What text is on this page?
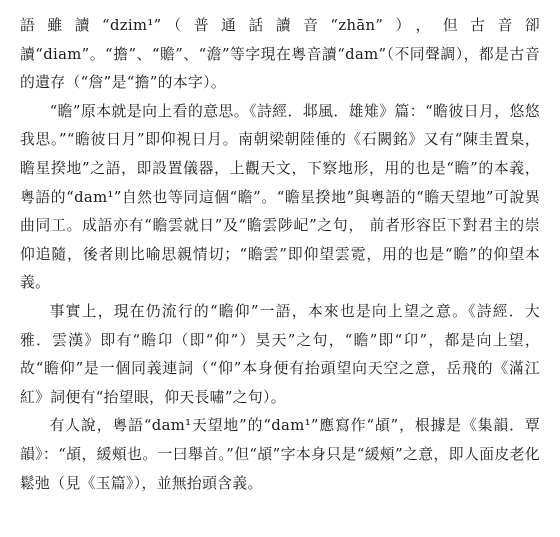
語雖讀“dzim¹”（普通話讀音“zhān”），但古音卻讀“diam”。“擔”、“贍”、“澹”等字現在粵音讀“dam”（不同聲調），都是古音的遺存（“詹”是“擔”的本字）。

“瞻”原本就是向上看的意思。《詩經．邶風．雄雉》篇：“瞻彼日月，悠悠我思。”“瞻彼日月”即仰視日月。南朝梁朝陸倕的《石闕銘》又有“陳圭置臬，瞻星揆地”之語，即設置儀器，上觀天文，下察地形，用的也是“瞻”的本義，粵語的“dam¹”自然也等同這個“瞻”。“瞻星揆地”與粵語的“瞻天望地”可說異曲同工。成語亦有“瞻雲就日”及“瞻雲陟屺”之句， 前者形容臣下對君主的崇仰追隨，後者則比喻思親情切；“瞻雲”即仰望雲霓，用的也是“瞻”的仰望本義。

事實上，現在仍流行的“瞻仰”一語，本來也是向上望之意。《詩經．大雅．雲漢》即有“瞻卬（即“仰”）昊天”之句，“瞻”即“卬”，都是向上望，故“瞻仰”是一個同義連詞（“仰”本身便有抬頭望向天空之意，岳飛的《滿江紅》詞便有“抬望眼，仰天長嘯”之句）。

有人說，粵語“dam¹天望地”的“dam¹”應寫作“頕”，根據是《集韻．覃韻》：“頕，緩頰也。一曰舉首。”但“頕”字本身只是“緩頰”之意，即人面皮老化鬆弛（見《玉篇》），並無抬頭含義。
